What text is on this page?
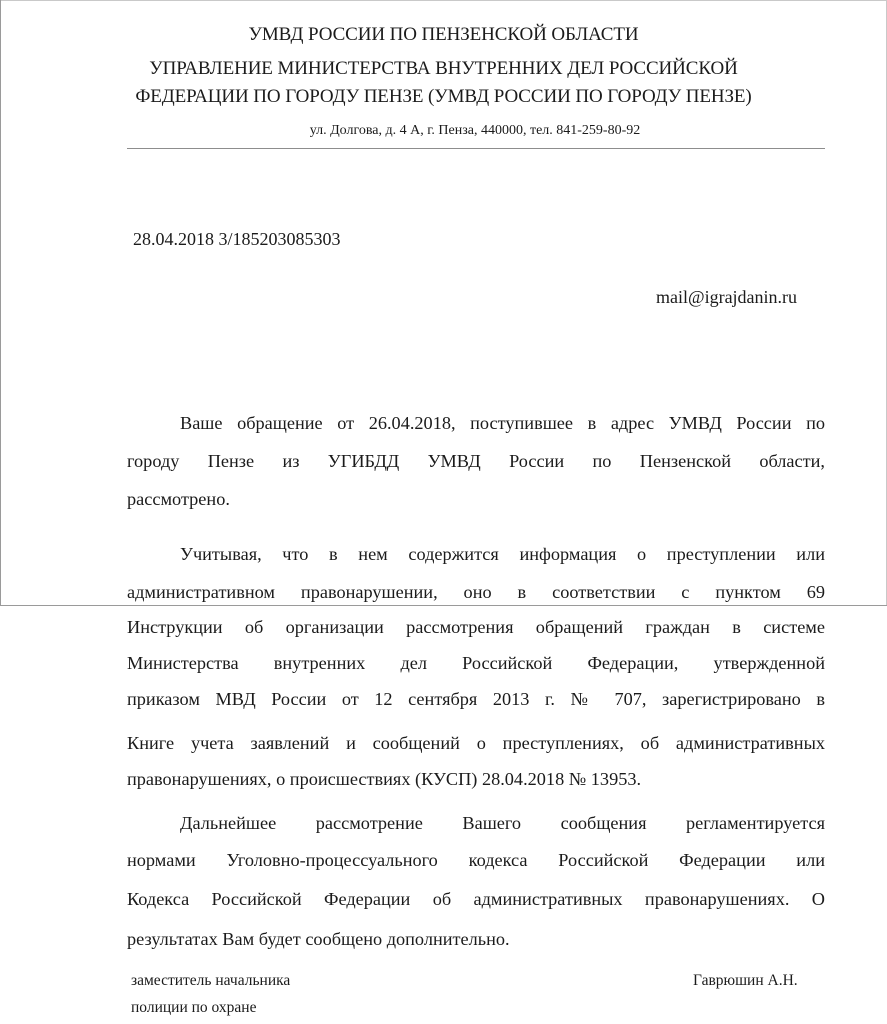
УМВД РОССИИ ПО ПЕНЗЕНСКОЙ ОБЛАСТИ
УПРАВЛЕНИЕ МИНИСТЕРСТВА ВНУТРЕННИХ ДЕЛ РОССИЙСКОЙ
ФЕДЕРАЦИИ ПО ГОРОДУ ПЕНЗЕ (УМВД РОССИИ ПО ГОРОДУ ПЕНЗЕ)
ул. Долгова, д. 4 А, г. Пенза, 440000, тел. 841-259-80-92
28.04.2018 3/185203085303
mail@igrajdanin.ru
Ваше обращение от 26.04.2018, поступившее в адрес УМВД России по
городу Пензе из УГИБДД УМВД России по Пензенской области,
рассмотрено.
Учитывая, что в нем содержится информация о преступлении или
административном правонарушении, оно в соответствии с пунктом 69
Инструкции об организации рассмотрения обращений граждан в системе
Министерства внутренних дел Российской Федерации, утвержденной
приказом МВД России от 12 сентября 2013 г. № 707, зарегистрировано в
Книге учета заявлений и сообщений о преступлениях, об административных
правонарушениях, о происшествиях (КУСП) 28.04.2018 № 13953.
Дальнейшее рассмотрение Вашего сообщения регламентируется
нормами Уголовно-процессуального кодекса Российской Федерации или
Кодекса Российской Федерации об административных правонарушениях. О
результатах Вам будет сообщено дополнительно.
заместитель начальника
полиции по охране
Гаврюшин А.Н.
